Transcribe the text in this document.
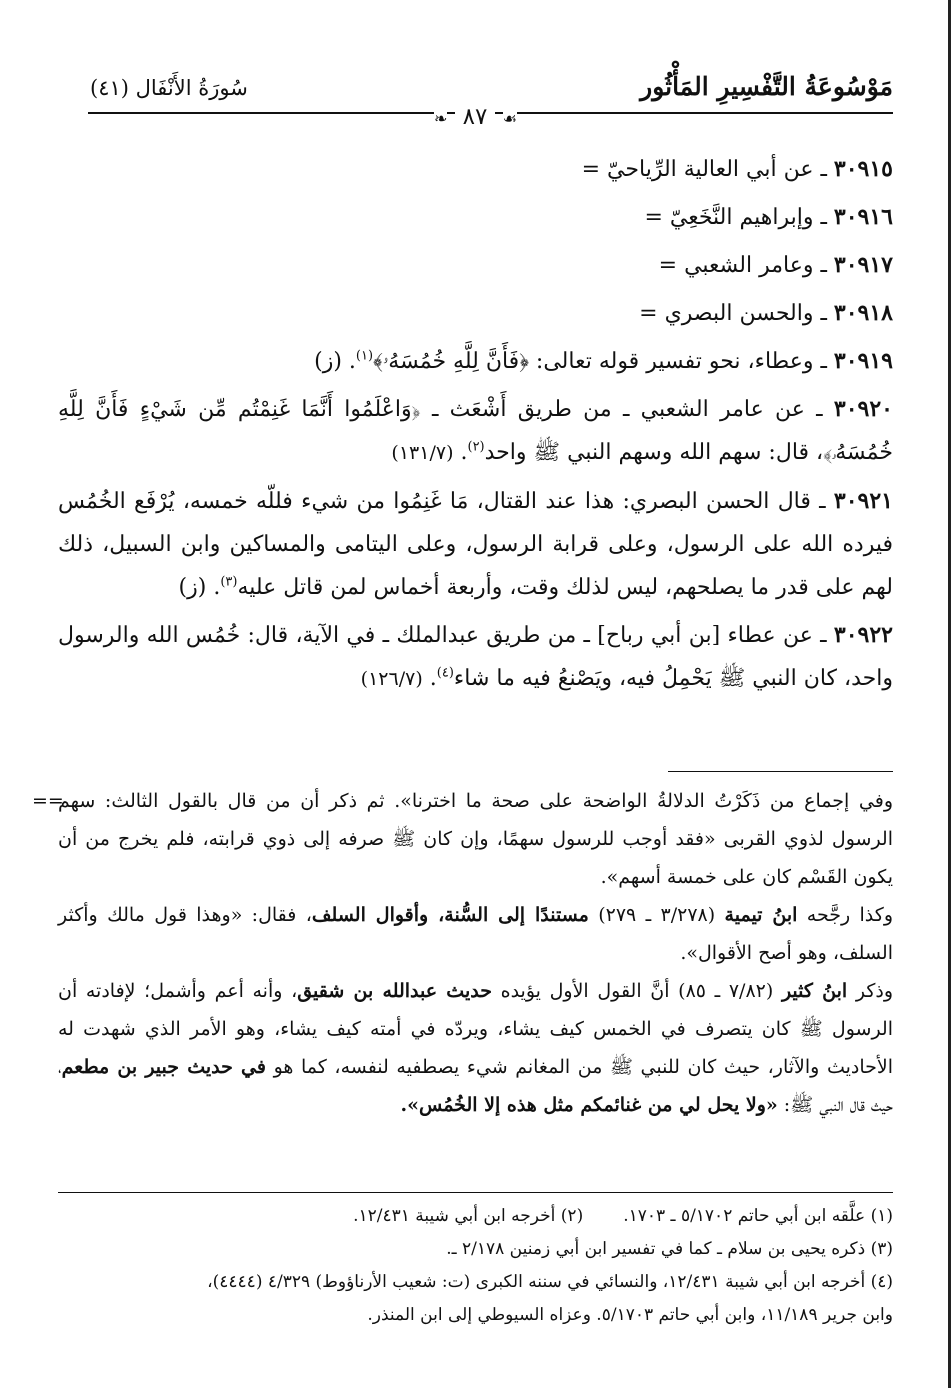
مَوْسُوعَةُ التَّفْسِيرِ المَأْثُور
سُورَةُ الأَنْفَال (٤١)
☙ ٨٧ ❧
٣٠٩١٥ ـ عن أبي العالية الرِّياحيّ =
٣٠٩١٦ ـ وإبراهيم النَّخَعِيّ =
٣٠٩١٧ ـ وعامر الشعبي =
٣٠٩١٨ ـ والحسن البصري =
٣٠٩١٩ ـ وعطاء، نحو تفسير قوله تعالى: ﴿فَأَنَّ لِلَّهِ خُمُسَهُۥ﴾$^{(١)}$. (ز)
٣٠٩٢٠ ـ عن عامر الشعبي ـ من طريق أَشْعَث ـ ﴿وَاعْلَمُوا أَنَّمَا غَنِمْتُم مِّن شَيْءٍ فَأَنَّ لِلَّهِ خُمُسَهُۥ﴾، قال: سهم الله وسهم النبي ﷺ واحد$^{(٢)}$. (١٣١/٧)
٣٠٩٢١ ـ قال الحسن البصري: هذا عند القتال، مَا غَنِمُوا من شيء فللّه خمسه، يُرْفَع الخُمُس فيرده الله على الرسول، وعلى قرابة الرسول، وعلى اليتامى والمساكين وابن السبيل، ذلك لهم على قدر ما يصلحهم، ليس لذلك وقت، وأربعة أخماس لمن قاتل عليه$^{(٣)}$. (ز)
٣٠٩٢٢ ـ عن عطاء [بن أبي رباح] ـ من طريق عبدالملك ـ في الآية، قال: خُمُس الله والرسول واحد، كان النبي ﷺ يَحْمِلُ فيه، ويَصْنعُ فيه ما شاء$^{(٤)}$. (١٢٦/٧)
==

وفي إجماع من ذَكَرْتُ الدلالةُ الواضحة على صحة ما اخترنا». ثم ذكر أن من قال بالقول الثالث: سهم الرسول لذوي القربى «فقد أوجب للرسول سهمًا، وإن كان ﷺ صرفه إلى ذوي قرابته، فلم يخرج من أن يكون القَسْم كان على خمسة أسهم».

وكذا رجَّحه ابنُ تيمية (٣/٢٧٨ ـ ٢٧٩) مستندًا إلى السُّنة، وأقوال السلف، فقال: «وهذا قول مالك وأكثر السلف، وهو أصح الأقوال».

وذكر ابنُ كثير (٧/٨٢ ـ ٨٥) أنَّ القول الأول يؤيده حديث عبدالله بن شقيق، وأنه أعم وأشمل؛ لإفادته أن الرسول ﷺ كان يتصرف في الخمس كيف يشاء، ويردّه في أمته كيف يشاء، وهو الأمر الذي شهدت له الأحاديث والآثار، حيث كان للنبي ﷺ من المغانم شيء يصطفيه لنفسه، كما هو في حديث جبير بن مطعم، حيث قال النبي ﷺ: «ولا يحل لي من غنائمكم مثل هذه إلا الخُمُس».

(١) علَّقه ابن أبي حاتم ٥/١٧٠٢ ـ ١٧٠٣.

(٢) أخرجه ابن أبي شيبة ١٢/٤٣١.

(٣) ذكره يحيى بن سلام ـ كما في تفسير ابن أبي زمنين ٢/١٧٨ ـ.

(٤) أخرجه ابن أبي شيبة ١٢/٤٣١، والنسائي في سننه الكبرى (ت: شعيب الأرناؤوط) ٤/٣٢٩ (٤٤٤٤)،

وابن جرير ١١/١٨٩، وابن أبي حاتم ٥/١٧٠٣. وعزاه السيوطي إلى ابن المنذر.
